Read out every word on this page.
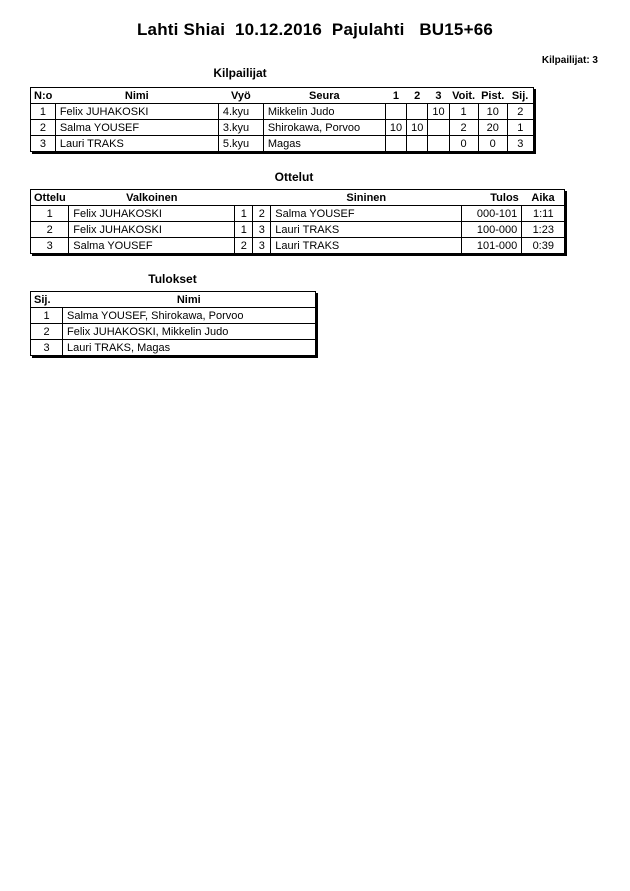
Lahti Shiai  10.12.2016  Pajulahti   BU15+66
Kilpailijat: 3
Kilpailijat
N:o	Nimi	Vyö	Seura	1	2	3	Voit.	Pist.	Sij.
1	Felix JUHAKOSKI	4.kyu	Mikkelin Judo			10	1	10	2
2	Salma YOUSEF	3.kyu	Shirokawa, Porvoo	10	10		2	20	1
3	Lauri TRAKS	5.kyu	Magas				0	0	3
Ottelut
Ottelu	Valkoinen			Sininen	Tulos	Aika
1	Felix JUHAKOSKI	1	2	Salma YOUSEF	000-101	1:11
2	Felix JUHAKOSKI	1	3	Lauri TRAKS	100-000	1:23
3	Salma YOUSEF	2	3	Lauri TRAKS	101-000	0:39
Tulokset
Sij.	Nimi
1	Salma YOUSEF, Shirokawa, Porvoo
2	Felix JUHAKOSKI, Mikkelin Judo
3	Lauri TRAKS, Magas
